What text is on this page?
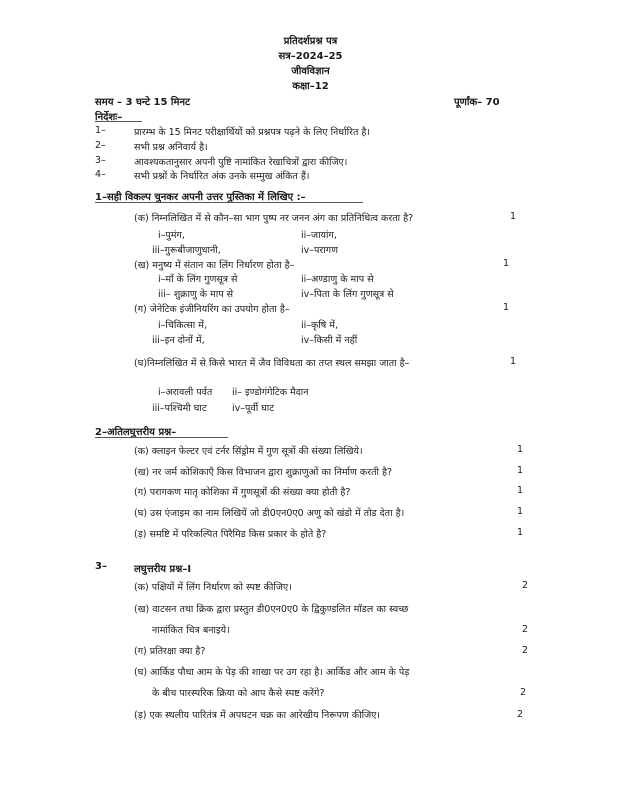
प्रतिदर्शप्रश्न पत्र
सत्र–2024–25
जीवविज्ञान
कक्षा–12
समय – 3 घन्टे 15 मिनट	पूर्णांक– 70
निर्देशः–
1–	प्रारम्भ के 15 मिनट परीक्षार्थियों को प्रश्नपत्र पढ़ने के लिए निर्धारित है।
2–	सभी प्रश्न अनिवार्य है।
3–	आवश्यकतानुसार अपनी पुष्टि नामांकित रेखाचित्रों द्वारा कीजिए।
4–	सभी प्रश्नों के निर्धारित अंक उनके सम्मुख अंकित हैं।
1–सही विकल्प चुनकर अपनी उत्तर पुस्तिका में लिखिए :–
(क) निम्नलिखित में से कौन–सा भाग पुष्प नर जनन अंग का प्रतिनिधित्व करता है?	1
i–पुमंग,	ii–जायांग,
iii–गुरूबीजाणुधानी,	iv–परागण
(ख) मनुष्य में संतान का लिंग निर्धारण होता है–	1
i–माँ के लिंग गुणसूत्र से	ii–अण्डाणु के माप से
iii– शुक्राणु के माप से	iv–पिता के लिंग गुणसूत्र से
(ग) जेनेटिक इंजीनियरिंग का उपयोग होता है–	1
i–चिकित्सा में,	ii–कृषि में,
iii–इन दोनों में,	iv–किसी में नहीं
(घ)निम्नलिखित में से किसे भारत में जैव विविधता का तप्त स्थल समझा जाता है–	1
i–अरावली पर्वत ii– इण्डोगंगेटिक मैदान
iii–पश्चिमी घाट	iv–पूर्वी घाट
2–अतिलघुत्तरीय प्रश्न–
(क) क्लाइन फेल्टर एवं टर्नर सिंड्रोम में गुण सूत्रों की संख्या लिखिये।	1
(ख) नर जर्म कोशिकाएँ किस विभाजन द्वारा शुक्राणुओं का निर्माण करती है?	1
(ग) परागकण मातृ कोशिका में गुणसूत्रों की संख्या क्या होती है?	1
(घ) उस एंजाइम का नाम लिखियें जो डी0एन0ए0 अणु को खंडो में तोड देता है।	1
(ड़) समष्टि में परिकल्पित पिरैमिड किस प्रकार के होते है?	1
3–	लघुत्तरीय प्रश्न–I
(क) पक्षियों में लिंग निर्धारण को स्पष्ट कीजिए।	2
(ख) वाटसन तथा क्रिक द्वारा प्रस्तुत डी0एन0ए0 के द्विकुण्डलित मॉडल का स्वच्छ
नामांकित चित्र बनाइये।	2
(ग) प्रतिरक्षा क्या है?	2
(घ) आर्किड पौधा आम के पेड़ की शाखा पर उग रहा है। आर्किड और आम के पेड़
के बीच पारस्परिक क्रिया को आप कैसे स्पष्ट करेंगे?	2
(ड़) एक स्थलीय पारितंत्र में अपघटन चक्र का आरेखीय निरूपण कीजिए।	2
